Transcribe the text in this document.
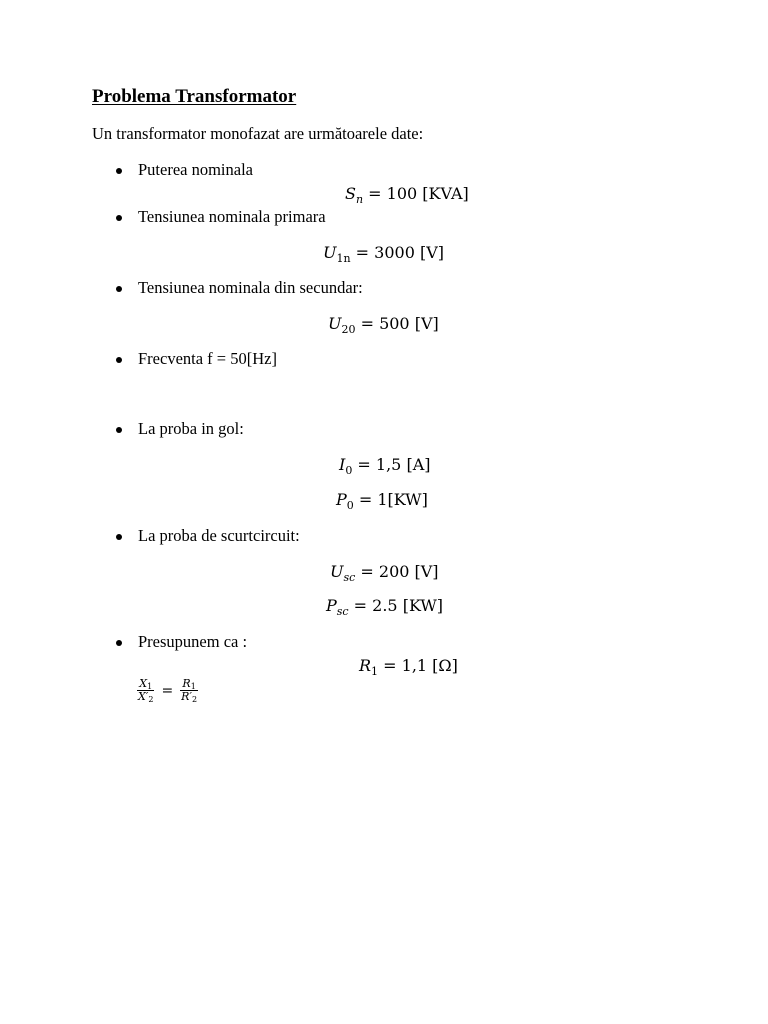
Problema Transformator
Un transformator monofazat are următoarele date:
Puterea nominala
$S_n = 100$ [KVA]
Tensiunea nominala primara
$U_{1n} = 3000$ [V]
Tensiunea nominala din secundar:
$U_{20} = 500$ [V]
Frecventa f = 50[Hz]
La proba in gol:
$I_0 = 1,5$ [A]
$P_0 = 1[KW]$
La proba de scurtcircuit:
$U_{sc} = 200$ [V]
$P_{sc} = 2.5$ [KW]
Presupunem ca :
$R_1 = 1,1$ [Ω]
$\frac{X_1}{X'_2} = \frac{R_1}{R'_2}$
